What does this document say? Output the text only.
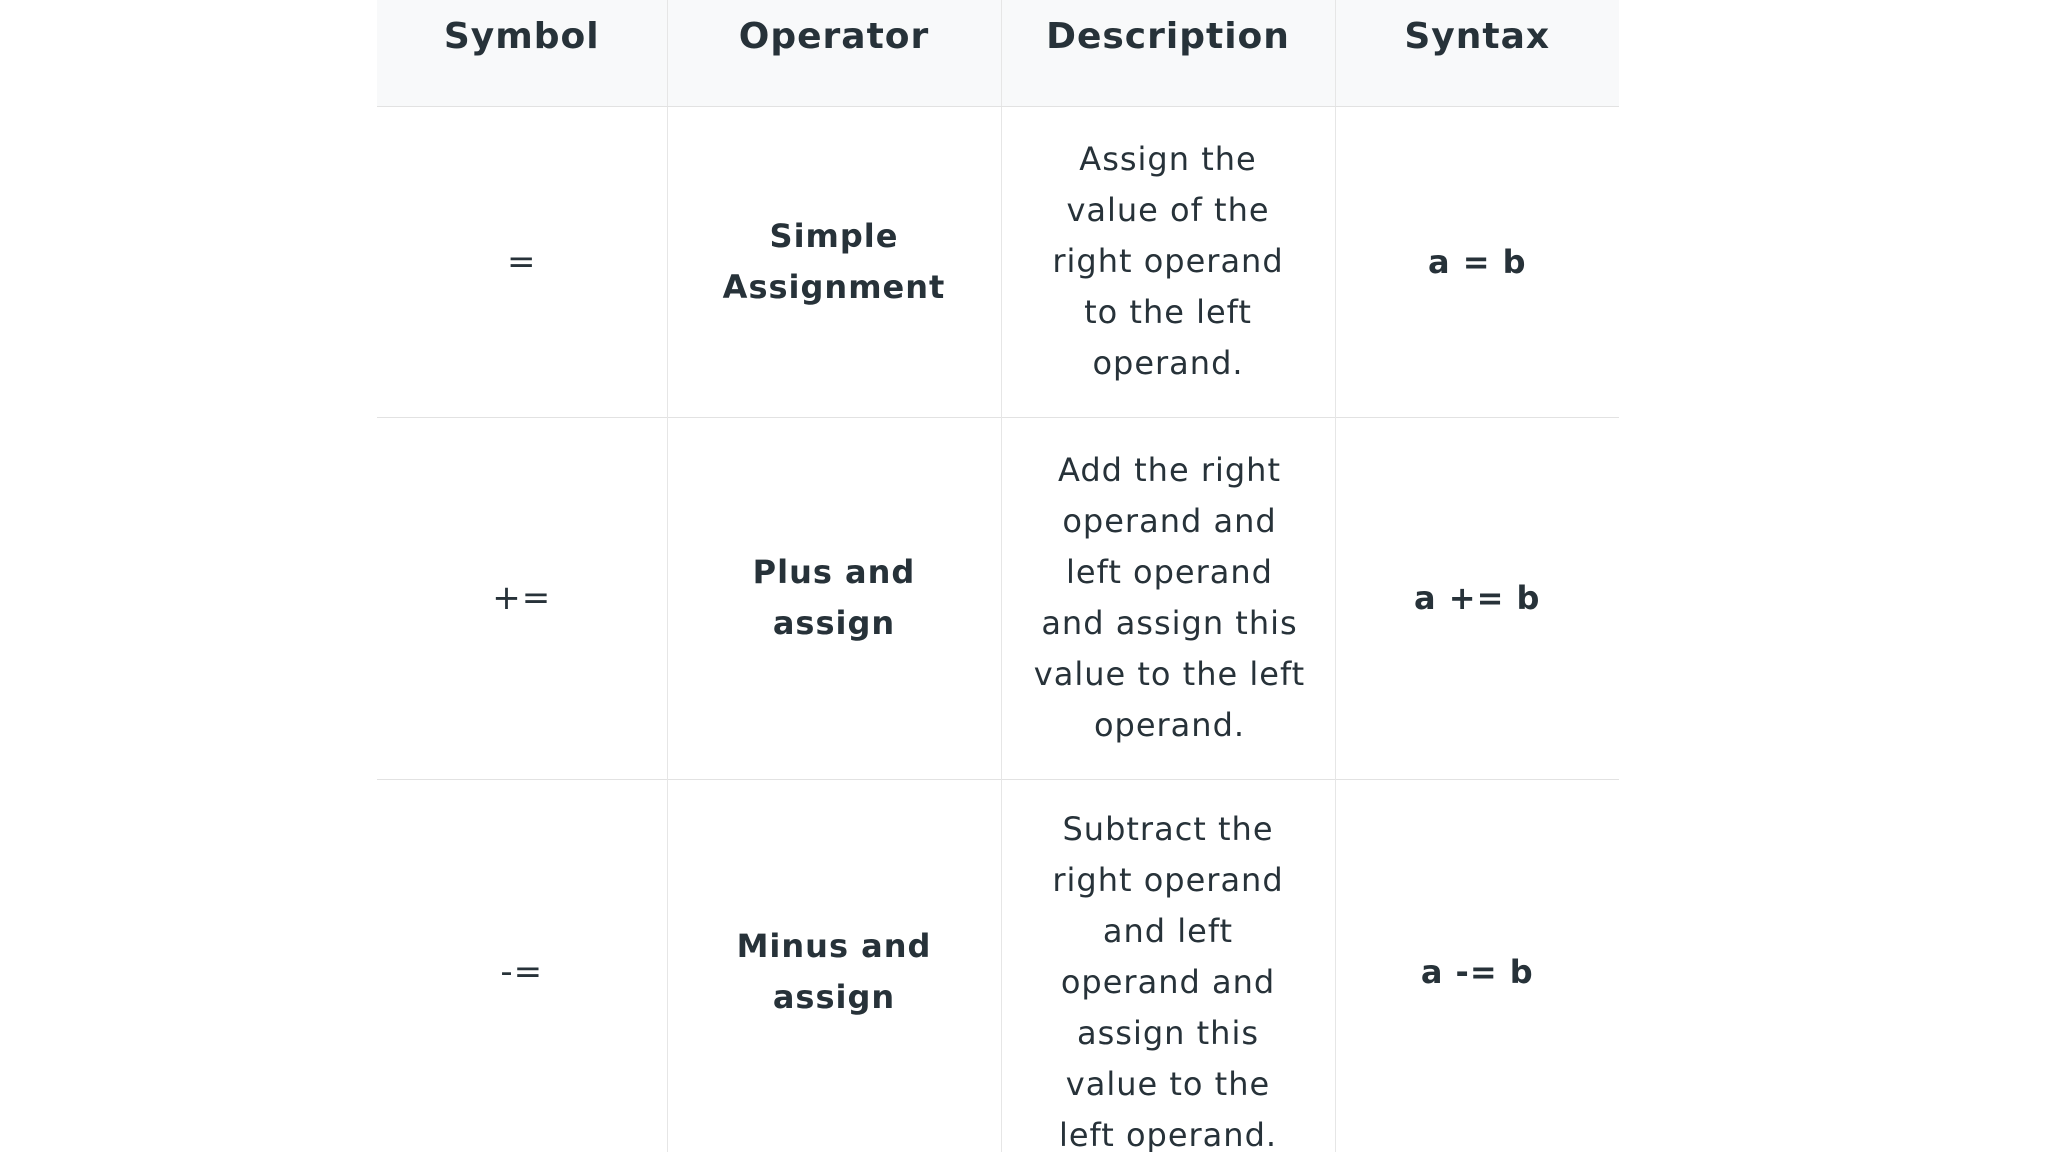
Symbol	Operator	Description	Syntax
=	Simple Assignment	Assign the value of the right operand to the left operand.	a = b
+=	Plus and assign	Add the right operand and left operand and assign this value to the left operand.	a += b
-=	Minus and assign	Subtract the right operand and left operand and assign this value to the left operand.	a -= b
